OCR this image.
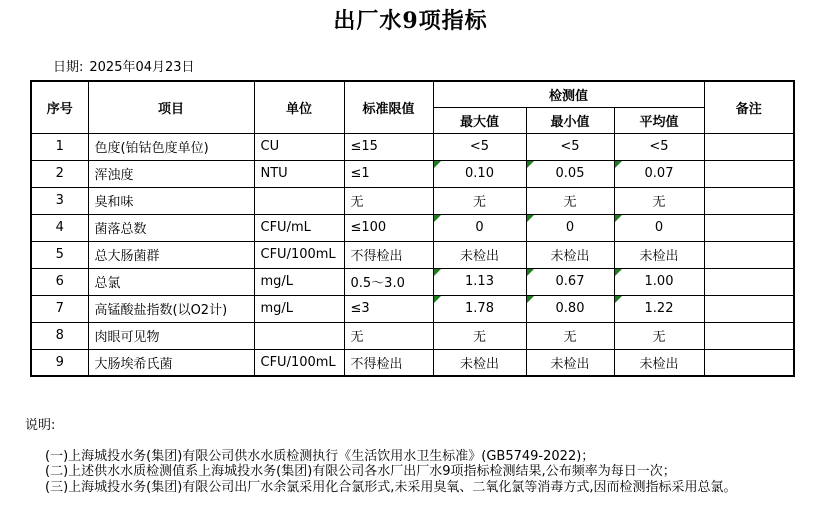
出厂水9项指标
日期: 2025年04月23日
序号	项目	单位	标准限值	检测值			备注
				最大值	最小值	平均值	
1	色度(铂钴色度单位)	CU	≤15	<5	<5	<5	
2	浑浊度	NTU	≤1	0.10	0.05	0.07	
3	臭和味		无	无	无	无	
4	菌落总数	CFU/mL	≤100	0	0	0	
5	总大肠菌群	CFU/100mL	不得检出	未检出	未检出	未检出	
6	总氯	mg/L	0.5～3.0	1.13	0.67	1.00	
7	高锰酸盐指数(以O2计)	mg/L	≤3	1.78	0.80	1.22	
8	肉眼可见物		无	无	无	无	
9	大肠埃希氏菌	CFU/100mL	不得检出	未检出	未检出	未检出	
说明:
(一)上海城投水务(集团)有限公司供水水质检测执行《生活饮用水卫生标准》(GB5749-2022)；
(二)上述供水水质检测值系上海城投水务(集团)有限公司各水厂出厂水9项指标检测结果,公布频率为每日一次；
(三)上海城投水务(集团)有限公司出厂水余氯采用化合氯形式,未采用臭氧、二氧化氯等消毒方式,因而检测指标采用总氯。
